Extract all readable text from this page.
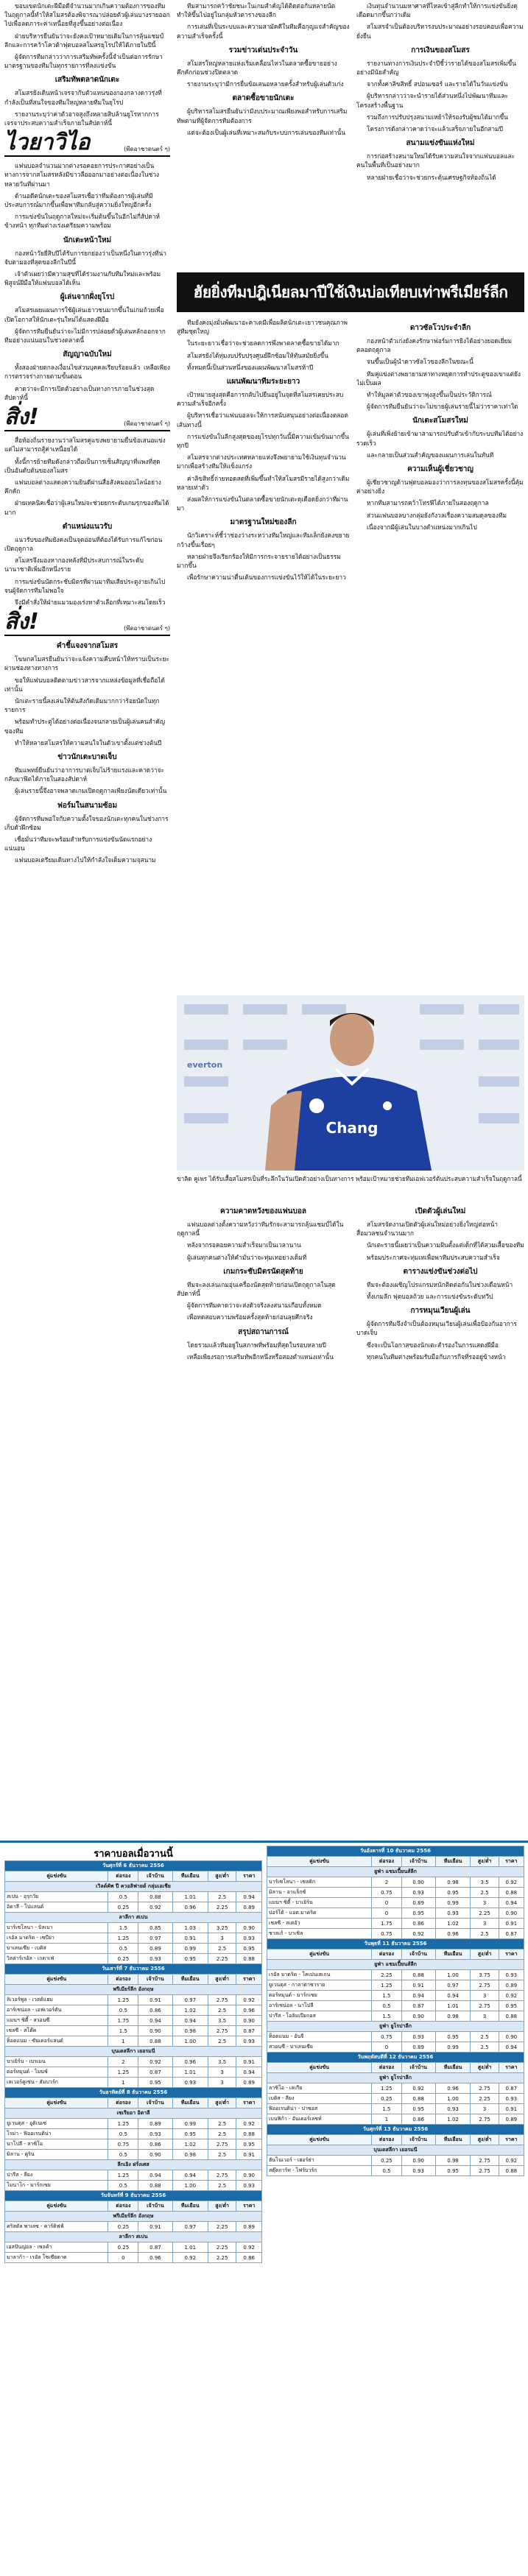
ขอบเขตนักเตะฝีมือดีจำนวนมากเกินความต้องการของทีมในฤดูกาลนี้ทำให้สโมสรต้องพิจารณาปล่อยตัวผู้เล่นบางรายออกไปเพื่อลดภาระค่าเหนื่อยที่สูงขึ้นอย่างต่อเนื่อง

ฝ่ายบริหารยืนยันว่าจะยังคงเป้าหมายเดิมในการลุ้นแชมป์ลีกและการคว้าโควต้าฟุตบอลสโมสรยุโรปให้ได้ภายในปีนี้

ผู้จัดการทีมกล่าวว่าการเสริมทัพครั้งนี้จำเป็นต่อการรักษามาตรฐานของทีมในทุกรายการที่ลงแข่งขัน

เสริมทัพตลาดนักเตะ

สโมสรยังเดินหน้าเจรจากับตัวแทนของกองกลางดาวรุ่งที่กำลังเป็นที่สนใจของทีมใหญ่หลายทีมในยุโรป

รายงานระบุว่าค่าตัวอาจสูงถึงหลายสิบล้านยูโรหากการเจรจาประสบความสำเร็จภายในสัปดาห์นี้

ไวยาวิไอ	(พีดอาชาดนตร์ ๆ)

แฟนบอลจำนวนมากต่างรอคอยการประกาศอย่างเป็นทางการจากสโมสรหลังมีข่าวลือออกมาอย่างต่อเนื่องในช่วงหลายวันที่ผ่านมา

ด้านอดีตนักเตะของสโมสรเชื่อว่าทีมต้องการผู้เล่นที่มีประสบการณ์มากขึ้นเพื่อพาทีมกลับสู่ความยิ่งใหญ่อีกครั้ง

การแข่งขันในฤดูกาลใหม่จะเริ่มต้นขึ้นในอีกไม่กี่สัปดาห์ข้างหน้า ทุกทีมต่างเร่งเตรียมความพร้อม

นักเตะหน้าใหม่

กองหน้าวัยยี่สิบปีได้รับการยกย่องว่าเป็นหนึ่งในดาวรุ่งที่น่าจับตามองที่สุดของลีกในปีนี้

เจ้าตัวเผยว่ามีความสุขที่ได้ร่วมงานกับทีมใหม่และพร้อมพิสูจน์ฝีมือให้แฟนบอลได้เห็น

ผู้เล่นจากฝั่งยุโรป

สโมสรเผยแผนการใช้ผู้เล่นเยาวชนมากขึ้นในเกมถ้วยเพื่อเปิดโอกาสให้นักเตะรุ่นใหม่ได้แสดงฝีมือ

ผู้จัดการทีมยืนยันว่าจะไม่มีการปล่อยตัวผู้เล่นหลักออกจากทีมอย่างแน่นอนในช่วงตลาดนี้

สัญญาฉบับใหม่

ทั้งสองฝ่ายตกลงเงื่อนไขส่วนบุคคลเรียบร้อยแล้ว เหลือเพียงการตรวจร่างกายตามขั้นตอน

คาดว่าจะมีการเปิดตัวอย่างเป็นทางการภายในช่วงสุดสัปดาห์นี้

สิ่ง!	(พีดอาชาดนตร์ ๆ)

สื่อท้องถิ่นรายงานว่าสโมสรคู่แข่งพยายามยื่นข้อเสนอแข่งแต่ไม่สามารถสู้ค่าเหนื่อยได้

ทั้งนี้การย้ายทีมดังกล่าวถือเป็นการเซ็นสัญญาที่แพงที่สุดเป็นอันดับต้นของสโมสร

แฟนบอลต่างแสดงความยินดีผ่านสื่อสังคมออนไลน์อย่างคึกคัก

ฝ่ายเทคนิคเชื่อว่าผู้เล่นใหม่จะช่วยยกระดับเกมรุกของทีมได้มาก

ตำแหน่งแนวรับ

แนวรับของทีมยังคงเป็นจุดอ่อนที่ต้องได้รับการแก้ไขก่อนเปิดฤดูกาล

สโมสรจึงมองหากองหลังที่มีประสบการณ์ในระดับนานาชาติเพิ่มอีกหนึ่งราย

การแข่งขันนัดกระชับมิตรที่ผ่านมาทีมเสียประตูง่ายเกินไปจนผู้จัดการทีมไม่พอใจ

จึงมีคำสั่งให้ฝ่ายแมวมองเร่งหาตัวเลือกที่เหมาะสมโดยเร็ว

สิ่ง!	(พีดอาชาดนตร์ ๆ)
คำชี้แจงจากสโมสร

โฆษกสโมสรยืนยันว่าจะแจ้งความคืบหน้าให้ทราบเป็นระยะผ่านช่องทางทางการ

ขอให้แฟนบอลติดตามข่าวสารจากแหล่งข้อมูลที่เชื่อถือได้เท่านั้น

นักเตะรายนี้ลงเล่นให้ต้นสังกัดเดิมมากกว่าร้อยนัดในทุกรายการ

พร้อมทำประตูได้อย่างต่อเนื่องจนกลายเป็นผู้เล่นคนสำคัญของทีม

ทำให้หลายสโมสรให้ความสนใจในตัวเขาตั้งแต่ช่วงต้นปี

ข่าวนักเตะบาดเจ็บ

ทีมแพทย์ยืนยันว่าอาการบาดเจ็บไม่ร้ายแรงและคาดว่าจะกลับมาฟิตได้ภายในสองสัปดาห์

ผู้เล่นรายนี้จึงอาจพลาดเกมเปิดฤดูกาลเพียงนัดเดียวเท่านั้น

ฟอร์มในสนามซ้อม

ผู้จัดการทีมพอใจกับความตั้งใจของนักเตะทุกคนในช่วงการเก็บตัวฝึกซ้อม

เชื่อมั่นว่าทีมจะพร้อมสำหรับการแข่งขันนัดแรกอย่างแน่นอน

แฟนบอลเตรียมเดินทางไปให้กำลังใจเต็มความจุสนาม

ทีมสามารถคว้าชัยชนะในเกมสำคัญได้ติดต่อกันหลายนัด ทำให้ขึ้นไปอยู่ในกลุ่มหัวตารางของลีก

การเล่นที่เป็นระบบและความสามัคคีในทีมคือกุญแจสำคัญของความสำเร็จครั้งนี้

รวมข่าวเด่นประจำวัน

สโมสรใหญ่หลายแห่งเริ่มเคลื่อนไหวในตลาดซื้อขายอย่างคึกคักก่อนช่วงปิดตลาด

รายงานระบุว่ามีการยื่นข้อเสนอหลายครั้งสำหรับผู้เล่นตัวเก่ง

ตลาดซื้อขายนักเตะ

ผู้บริหารสโมสรยืนยันว่ามีงบประมาณเพียงพอสำหรับการเสริมทัพตามที่ผู้จัดการทีมต้องการ

แต่จะต้องเป็นผู้เล่นที่เหมาะสมกับระบบการเล่นของทีมเท่านั้น

เงินทุนจำนวนมหาศาลที่ไหลเข้าสู่ลีกทำให้การแข่งขันยิ่งดุเดือดมากขึ้นกว่าเดิม

สโมสรจำเป็นต้องบริหารงบประมาณอย่างรอบคอบเพื่อความยั่งยืน

การเงินของสโมสร

รายงานทางการเงินประจำปีชี้ว่ารายได้ของสโมสรเพิ่มขึ้นอย่างมีนัยสำคัญ

จากทั้งค่าลิขสิทธิ์ สปอนเซอร์ และรายได้ในวันแข่งขัน

ผู้บริหารกล่าวว่าจะนำรายได้ส่วนหนึ่งไปพัฒนาทีมและโครงสร้างพื้นฐาน

รวมถึงการปรับปรุงสนามเหย้าให้รองรับผู้ชมได้มากขึ้น

โครงการดังกล่าวคาดว่าจะแล้วเสร็จภายในอีกสามปี

สนามแข่งขันแห่งใหม่

การก่อสร้างสนามใหม่ได้รับความสนใจจากแฟนบอลและคนในพื้นที่เป็นอย่างมาก

หลายฝ่ายเชื่อว่าจะช่วยกระตุ้นเศรษฐกิจท้องถิ่นได้

ฮัยยิ่งทีมปฎิเนียลมาปีใช้เงินบ่อเทียบเท่าพรีเมียร์ลีก

ทีมยังคงมุ่งมั่นพัฒนาอะคาเดมีเพื่อผลิตนักเตะเยาวชนคุณภาพสู่ทีมชุดใหญ่

ในระยะยาวเชื่อว่าจะช่วยลดการพึ่งพาตลาดซื้อขายได้มาก

สโมสรยังได้ทุ่มงบปรับปรุงศูนย์ฝึกซ้อมให้ทันสมัยยิ่งขึ้น

ทั้งหมดนี้เป็นส่วนหนึ่งของแผนพัฒนาสโมสรห้าปี

แผนพัฒนาทีมระยะยาว

เป้าหมายสูงสุดคือการกลับไปยืนอยู่ในจุดที่สโมสรเคยประสบความสำเร็จอีกครั้ง

ผู้บริหารเชื่อว่าแฟนบอลจะให้การสนับสนุนอย่างต่อเนื่องตลอดเส้นทางนี้

การแข่งขันในลีกสูงสุดของยุโรปทุกวันนี้มีความเข้มข้นมากขึ้นทุกปี

สโมสรจากต่างประเทศหลายแห่งจึงพยายามใช้เงินทุนจำนวนมากเพื่อสร้างทีมให้แข็งแกร่ง

ค่าลิขสิทธิ์ถ่ายทอดสดที่เพิ่มขึ้นทำให้สโมสรมีรายได้สูงกว่าเดิมหลายเท่าตัว

ส่งผลให้การแข่งขันในตลาดซื้อขายนักเตะดุเดือดยิ่งกว่าที่ผ่านมา

มาตรฐานใหม่ของลีก

นักวิเคราะห์ชี้ว่าช่องว่างระหว่างทีมใหญ่และทีมเล็กยังคงขยายกว้างขึ้นเรื่อยๆ

หลายฝ่ายจึงเรียกร้องให้มีการกระจายรายได้อย่างเป็นธรรมมากขึ้น

เพื่อรักษาความน่าตื่นเต้นของการแข่งขันไว้ให้ได้ในระยะยาว

ดาวซัลโวประจำลีก

กองหน้าตัวเก่งยังคงรักษาฟอร์มการยิงได้อย่างยอดเยี่ยมตลอดฤดูกาล

จนขึ้นเป็นผู้นำดาวซัลโวของลีกในขณะนี้

ทีมคู่แข่งต่างพยายามหาทางหยุดการทำประตูของเขาแต่ยังไม่เป็นผล

ทำให้มูลค่าตัวของเขาพุ่งสูงขึ้นเป็นประวัติการณ์

ผู้จัดการทีมยืนยันว่าจะไม่ขายผู้เล่นรายนี้ไม่ว่าราคาเท่าใด

นักเตะสโมสรใหม่

ผู้เล่นที่เพิ่งย้ายเข้ามาสามารถปรับตัวเข้ากับระบบทีมได้อย่างรวดเร็ว

และกลายเป็นส่วนสำคัญของแผนการเล่นในทันที

ความเห็นผู้เชี่ยวชาญ

ผู้เชี่ยวชาญด้านฟุตบอลมองว่าการลงทุนของสโมสรครั้งนี้คุ้มค่าอย่างยิ่ง

หากทีมสามารถคว้าโทรฟีได้ภายในสองฤดูกาล

ส่วนแฟนบอลบางกลุ่มยังกังวลเรื่องความสมดุลของทีม

เนื่องจากมีผู้เล่นในบางตำแหน่งมากเกินไป

Chang
everton
ขาลิด คูเพร ได้รับเสื้อสโมสรเป็นที่ระลึกในวันเปิดตัวอย่างเป็นทางการ พร้อมเป้าหมายช่วยทีมเอฟเวอร์ตันประสบความสำเร็จในฤดูกาลนี้
ความคาดหวังของแฟนบอล

แฟนบอลต่างตั้งความหวังว่าทีมรักจะสามารถลุ้นแชมป์ได้ในฤดูกาลนี้

หลังจากรอคอยความสำเร็จมาเป็นเวลานาน

ผู้เล่นทุกคนต่างให้คำมั่นว่าจะทุ่มเทอย่างเต็มที่

เกมกระชับมิตรนัดสุดท้าย

ทีมจะลงเล่นเกมอุ่นเครื่องนัดสุดท้ายก่อนเปิดฤดูกาลในสุดสัปดาห์นี้

ผู้จัดการทีมคาดว่าจะส่งตัวจริงลงสนามเกือบทั้งหมด

เพื่อทดสอบความพร้อมครั้งสุดท้ายก่อนลุยศึกจริง

สรุปสถานการณ์

โดยรวมแล้วทีมอยู่ในสภาพที่พร้อมที่สุดในรอบหลายปี

เหลือเพียงรอการเสริมทัพอีกหนึ่งหรือสองตำแหน่งเท่านั้น

เปิดตัวผู้เล่นใหม่

สโมสรจัดงานเปิดตัวผู้เล่นใหม่อย่างยิ่งใหญ่ต่อหน้าสื่อมวลชนจำนวนมาก

นักเตะรายนี้เผยว่าเป็นความฝันตั้งแต่เด็กที่ได้สวมเสื้อของทีม

พร้อมประกาศจะทุ่มเทเพื่อพาทีมประสบความสำเร็จ

ตารางแข่งขันช่วงต่อไป

ทีมจะต้องเผชิญโปรแกรมหนักติดต่อกันในช่วงเดือนหน้า

ทั้งเกมลีก ฟุตบอลถ้วย และการแข่งขันระดับทวีป

การหมุนเวียนผู้เล่น

ผู้จัดการทีมจึงจำเป็นต้องหมุนเวียนผู้เล่นเพื่อป้องกันอาการบาดเจ็บ

ซึ่งจะเป็นโอกาสของนักเตะสำรองในการแสดงฝีมือ

ทุกคนในทีมต่างพร้อมรับมือกับภารกิจที่รออยู่ข้างหน้า

ราคาบอลเมื่อวานนี้
วันศุกร์ที่ 6 ธันวาคม 2556					
คู่แข่งขัน	ต่อรอง	เจ้าบ้าน	ทีมเยือน	สูง/ต่ำ	ราคา
เวิลด์คัพ ปี ควอลิฟายด์ กลุ่มเอเชีย					
สเปน - อุรุกวัย	0.5	0.88	1.01	2.5	0.94
อิตาลี - โปแลนด์	0.25	0.92	0.96	2.25	0.89
ลาลีกา สเปน					
บาร์เซโลนา - บิลเบา	1.5	0.85	1.03	3.25	0.90
เรอัล มาดริด - เซบีย่า	1.25	0.97	0.91	3	0.93
บาเลนเซีย - เบติส	0.5	0.89	0.99	2.5	0.95
วิลล่าร์เรอัล - เกตาเฟ่	0.25	0.93	0.95	2.25	0.88
วันเสาร์ที่ 7 ธันวาคม 2556					
คู่แข่งขัน	ต่อรอง	เจ้าบ้าน	ทีมเยือน	สูง/ต่ำ	ราคา
พรีเมียร์ลีก อังกฤษ					
ลิเวอร์พูล - เวสต์แฮม	1.25	0.91	0.97	2.75	0.92
อาร์เซน่อล - เอฟเวอร์ตัน	0.5	0.86	1.02	2.5	0.96
แมนฯ ซิตี้ - สวอนซี	1.75	0.94	0.94	3.5	0.90
เชลซี - สโต๊ค	1.5	0.90	0.98	2.75	0.87
ท็อตแนม - ซันเดอร์แลนด์	1	0.88	1.00	2.5	0.93
บุนเดสลีกา เยอรมนี					
บาเยิร์น - เบรเมน	2	0.92	0.96	3.5	0.91
ดอร์ทมุนด์ - ไมนซ์	1.25	0.87	1.01	3	0.94
เลเวอร์คูเซ่น - ฮัมบวร์ก	1	0.95	0.93	3	0.89
วันอาทิตย์ที่ 8 ธันวาคม 2556					
คู่แข่งขัน	ต่อรอง	เจ้าบ้าน	ทีมเยือน	สูง/ต่ำ	ราคา
เซเรียอา อิตาลี					
ยูเวนตุส - อูดิเนเซ่	1.25	0.89	0.99	2.5	0.92
โรม่า - ฟิออเรนติน่า	0.5	0.93	0.95	2.5	0.88
นาโปลี - ลาซิโอ	0.75	0.86	1.02	2.75	0.95
มิลาน - ตูริน	0.5	0.90	0.98	2.5	0.91
ลีกเอิง ฝรั่งเศส					
ปารีส - ลียง	1.25	0.94	0.94	2.75	0.90
โมนาโก - มาร์กเซย	0.5	0.88	1.00	2.5	0.93
วันจันทร์ที่ 9 ธันวาคม 2556					
คู่แข่งขัน	ต่อรอง	เจ้าบ้าน	ทีมเยือน	สูง/ต่ำ	ราคา
พรีเมียร์ลีก อังกฤษ					
คริสตัล พาเลซ - คาร์ดิฟฟ์	0.25	0.91	0.97	2.25	0.89
ลาลีกา สเปน					
เอสปันญ่อล - เซลต้า	0.25	0.87	1.01	2.25	0.92
มาลาก้า - เรอัล โซเซียดาด	0	0.96	0.92	2.25	0.86
วันอังคารที่ 10 ธันวาคม 2556					
คู่แข่งขัน	ต่อรอง	เจ้าบ้าน	ทีมเยือน	สูง/ต่ำ	ราคา
ยูฟ่า แชมเปี้ยนส์ลีก					
บาร์เซโลนา - เซลติก	2	0.90	0.98	3.5	0.92
มิลาน - อาแจ็กซ์	0.75	0.93	0.95	2.5	0.88
แมนฯ ซิตี้ - บาเยิร์น	0	0.89	0.99	3	0.94
ปอร์โต้ - แอต.มาดริด	0	0.95	0.93	2.25	0.90
เชลซี - สเตอัว	1.75	0.86	1.02	3	0.91
ชาลเก้ - บาเซิล	0.75	0.92	0.96	2.5	0.87
วันพุธที่ 11 ธันวาคม 2556					
คู่แข่งขัน	ต่อรอง	เจ้าบ้าน	ทีมเยือน	สูง/ต่ำ	ราคา
ยูฟ่า แชมเปี้ยนส์ลีก					
เรอัล มาดริด - โคเปนเฮเกน	2.25	0.88	1.00	3.75	0.93
ยูเวนตุส - กาลาตาซาราย	1.25	0.91	0.97	2.75	0.89
ดอร์ทมุนด์ - มาร์กเซย	1.5	0.94	0.94	3	0.92
อาร์เซน่อล - นาโปลี	0.5	0.87	1.01	2.75	0.95
ปารีส - โอลิมเปียกอส	1.5	0.90	0.98	3	0.88
ยูฟ่า ยูโรปาลีก					
ท็อตแนม - อันจี	0.75	0.93	0.95	2.5	0.90
สวอนซี - บาเลนเซีย	0	0.89	0.99	2.5	0.94
วันพฤหัสบดีที่ 12 ธันวาคม 2556					
คู่แข่งขัน	ต่อรอง	เจ้าบ้าน	ทีมเยือน	สูง/ต่ำ	ราคา
ยูฟ่า ยูโรปาลีก					
ลาซิโอ - เลเกีย	1.25	0.92	0.96	2.75	0.87
เบติส - ลียง	0.25	0.88	1.00	2.25	0.93
ฟิออเรนติน่า - ปาซอส	1.5	0.95	0.93	3	0.91
เบนฟิก้า - อันเดอร์เลชท์	1	0.86	1.02	2.75	0.89
วันศุกร์ที่ 13 ธันวาคม 2556					
คู่แข่งขัน	ต่อรอง	เจ้าบ้าน	ทีมเยือน	สูง/ต่ำ	ราคา
บุนเดสลีกา เยอรมนี					
ฮันโนเวอร์ - เฮอร์ธ่า	0.25	0.90	0.98	2.75	0.92
สตุ๊ตการ์ท - ไฟร์บวร์ก	0.5	0.93	0.95	2.75	0.88
